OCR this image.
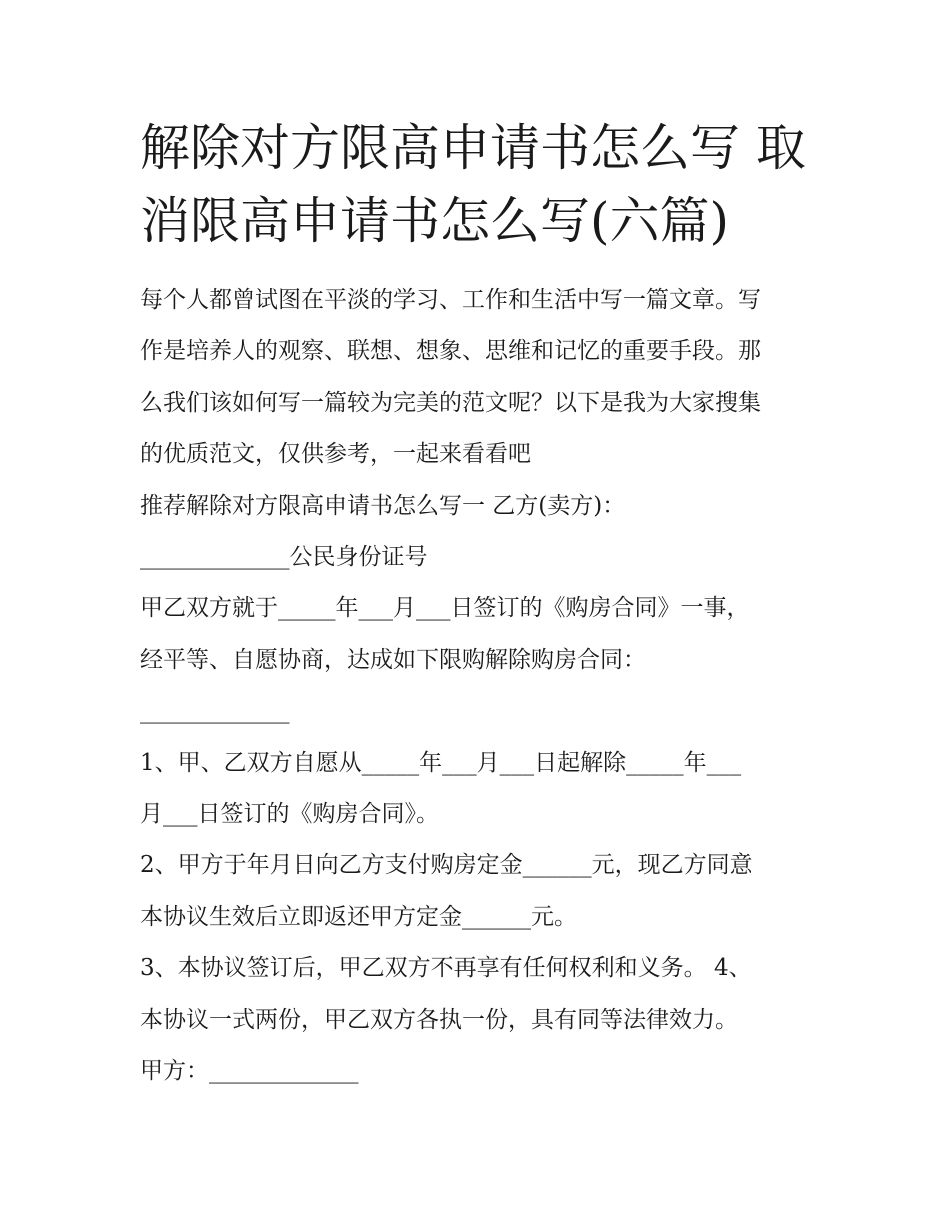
解除对方限高申请书怎么写 取
消限高申请书怎么写(六篇)

每个人都曾试图在平淡的学习、工作和生活中写一篇文章。写

作是培养人的观察、联想、想象、思维和记忆的重要手段。那

么我们该如何写一篇较为完美的范文呢？以下是我为大家搜集

的优质范文，仅供参考，一起来看看吧

推荐解除对方限高申请书怎么写一 乙方(卖方)：

_____________公民身份证号

甲乙双方就于_____年___月___日签订的《购房合同》一事，

经平等、自愿协商，达成如下限购解除购房合同：

_____________

1、甲、乙双方自愿从_____年___月___日起解除_____年___

月___日签订的《购房合同》。

2、甲方于年月日向乙方支付购房定金______元，现乙方同意

本协议生效后立即返还甲方定金______元。

3、本协议签订后，甲乙双方不再享有任何权利和义务。 4、

本协议一式两份，甲乙双方各执一份，具有同等法律效力。

甲方：_____________
